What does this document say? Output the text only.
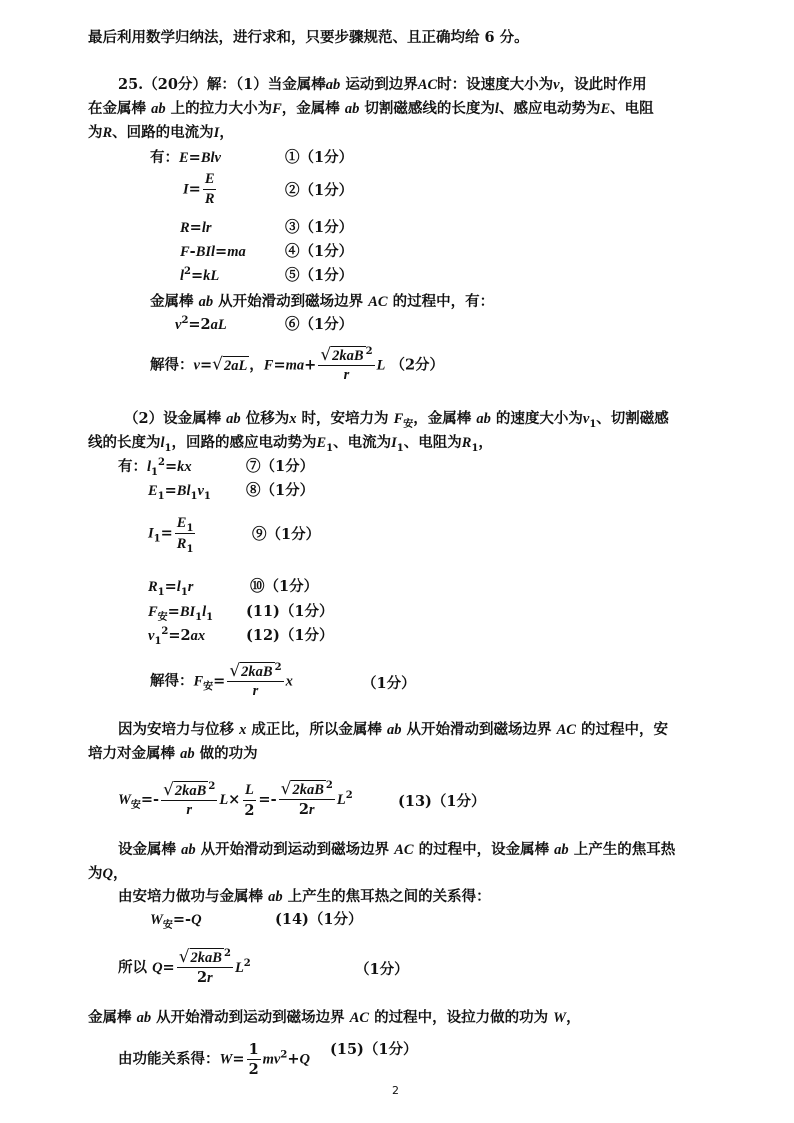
最后利用数学归纳法，进行求和，只要步骤规范、且正确均给 6 分。
25.（20分）解：（1）当金属棒ab 运动到边界AC时：设速度大小为v，设此时作用
在金属棒 ab 上的拉力大小为F，金属棒 ab 切割磁感线的长度为l、感应电动势为E、电阻
为R、回路的电流为I，
有：E=Blv	①（1分）
$I= \frac{E}{R}$	②（1分）
R=lr	③（1分）
F-BIl=ma	④（1分）
$l^2=kL$	⑤（1分）
金属棒 ab 从开始滑动到磁场边界 AC 的过程中，有：
$v^2=2aL$	⑥（1分）
解得：v=√2aL ，$F=ma+ \frac{√2kaB ^2}{r}$ L （2分）
（2）设金属棒 ab 位移为x 时，安培力为 $F_安$，金属棒 ab 的速度大小为$v_1$、切割磁感
线的长度为$l_1$，回路的感应电动势为$E_1$、电流为$I_1$、电阻为$R_1$，
有：$l_1^2=kx$	⑦（1分）
$E_1=Bl_1v_1$ ⑧（1分）
$I_1= \frac{E_1}{R_1}$	⑨（1分）
$R_1=l_1r$	⑩（1分）
$F_安=BI_1l_1$ (11)（1分）
$v_1^2=2ax$	(12)（1分）
解得：$F_安= \frac{√2kaB ^2}{r}$ x	（1分）
因为安培力与位移 x 成正比，所以金属棒 ab 从开始滑动到磁场边界 AC 的过程中，安
培力对金属棒 ab 做的功为
$W_安=- \frac{√2kaB ^2}{r} L\times \frac{L}{2} =- \frac{√2kaB ^2}{2r} L^2$	(13)（1分）
设金属棒 ab 从开始滑动到运动到磁场边界 AC 的过程中，设金属棒 ab 上产生的焦耳热
为Q，
由安培力做功与金属棒 ab 上产生的焦耳热之间的关系得：
$W_安=-Q$	(14)（1分）
所以 $Q= \frac{√2kaB ^2}{2r} L^2$	（1分）
金属棒 ab 从开始滑动到运动到磁场边界 AC 的过程中，设拉力做的功为 W，
由功能关系得：$W= \frac{1}{2} mv^2+Q$
(15)（1分）
2
